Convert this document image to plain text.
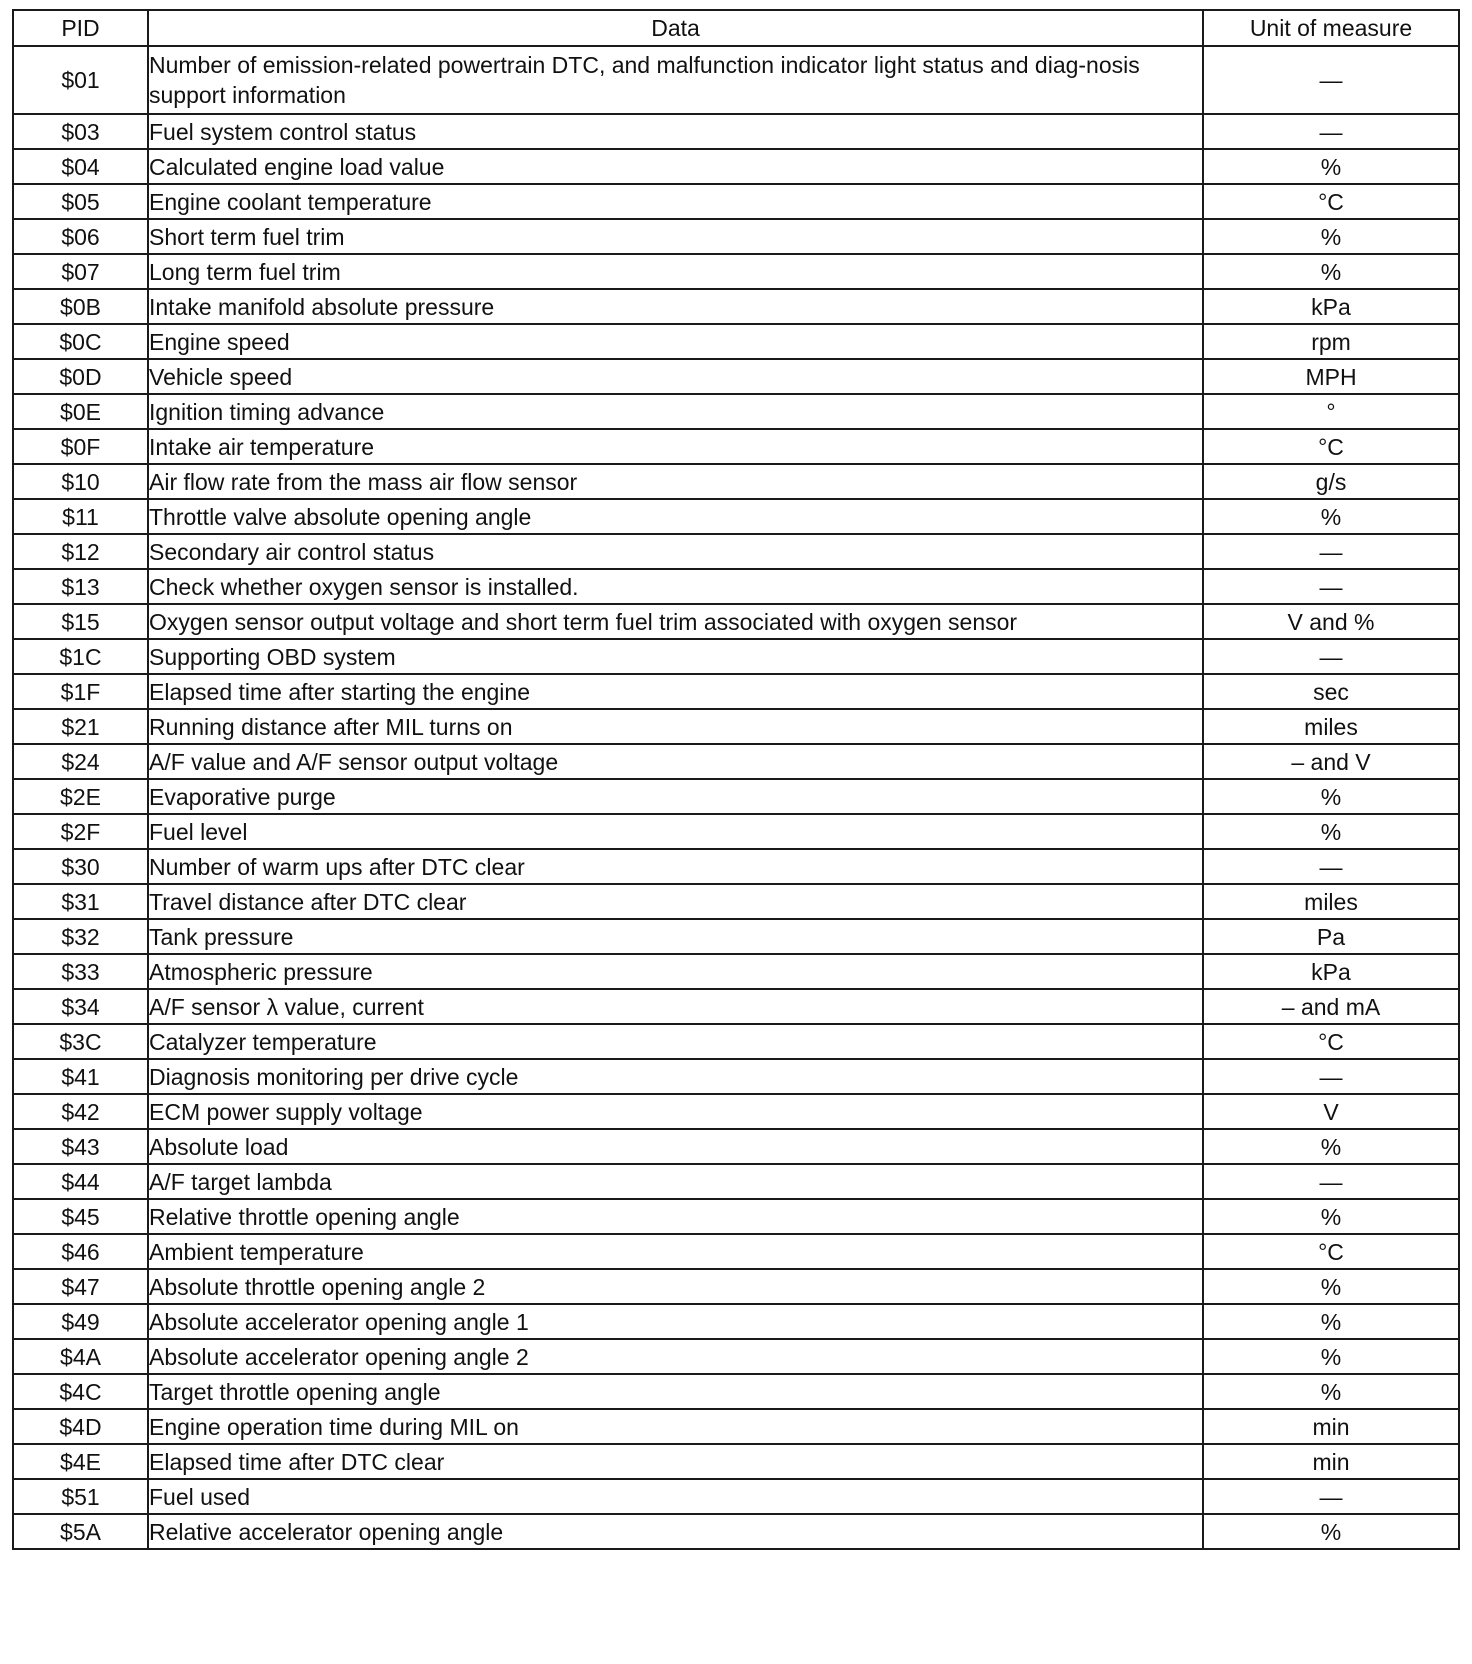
PID	Data	Unit of measure
$01	Number of emission-related powertrain DTC, and malfunction indicator light status and diag-nosis support information	—
$03	Fuel system control status	—
$04	Calculated engine load value	%
$05	Engine coolant temperature	°C
$06	Short term fuel trim	%
$07	Long term fuel trim	%
$0B	Intake manifold absolute pressure	kPa
$0C	Engine speed	rpm
$0D	Vehicle speed	MPH
$0E	Ignition timing advance	°
$0F	Intake air temperature	°C
$10	Air flow rate from the mass air flow sensor	g/s
$11	Throttle valve absolute opening angle	%
$12	Secondary air control status	—
$13	Check whether oxygen sensor is installed.	—
$15	Oxygen sensor output voltage and short term fuel trim associated with oxygen sensor	V and %
$1C	Supporting OBD system	—
$1F	Elapsed time after starting the engine	sec
$21	Running distance after MIL turns on	miles
$24	A/F value and A/F sensor output voltage	– and V
$2E	Evaporative purge	%
$2F	Fuel level	%
$30	Number of warm ups after DTC clear	—
$31	Travel distance after DTC clear	miles
$32	Tank pressure	Pa
$33	Atmospheric pressure	kPa
$34	A/F sensor λ value, current	– and mA
$3C	Catalyzer temperature	°C
$41	Diagnosis monitoring per drive cycle	—
$42	ECM power supply voltage	V
$43	Absolute load	%
$44	A/F target lambda	—
$45	Relative throttle opening angle	%
$46	Ambient temperature	°C
$47	Absolute throttle opening angle 2	%
$49	Absolute accelerator opening angle 1	%
$4A	Absolute accelerator opening angle 2	%
$4C	Target throttle opening angle	%
$4D	Engine operation time during MIL on	min
$4E	Elapsed time after DTC clear	min
$51	Fuel used	—
$5A	Relative accelerator opening angle	%
